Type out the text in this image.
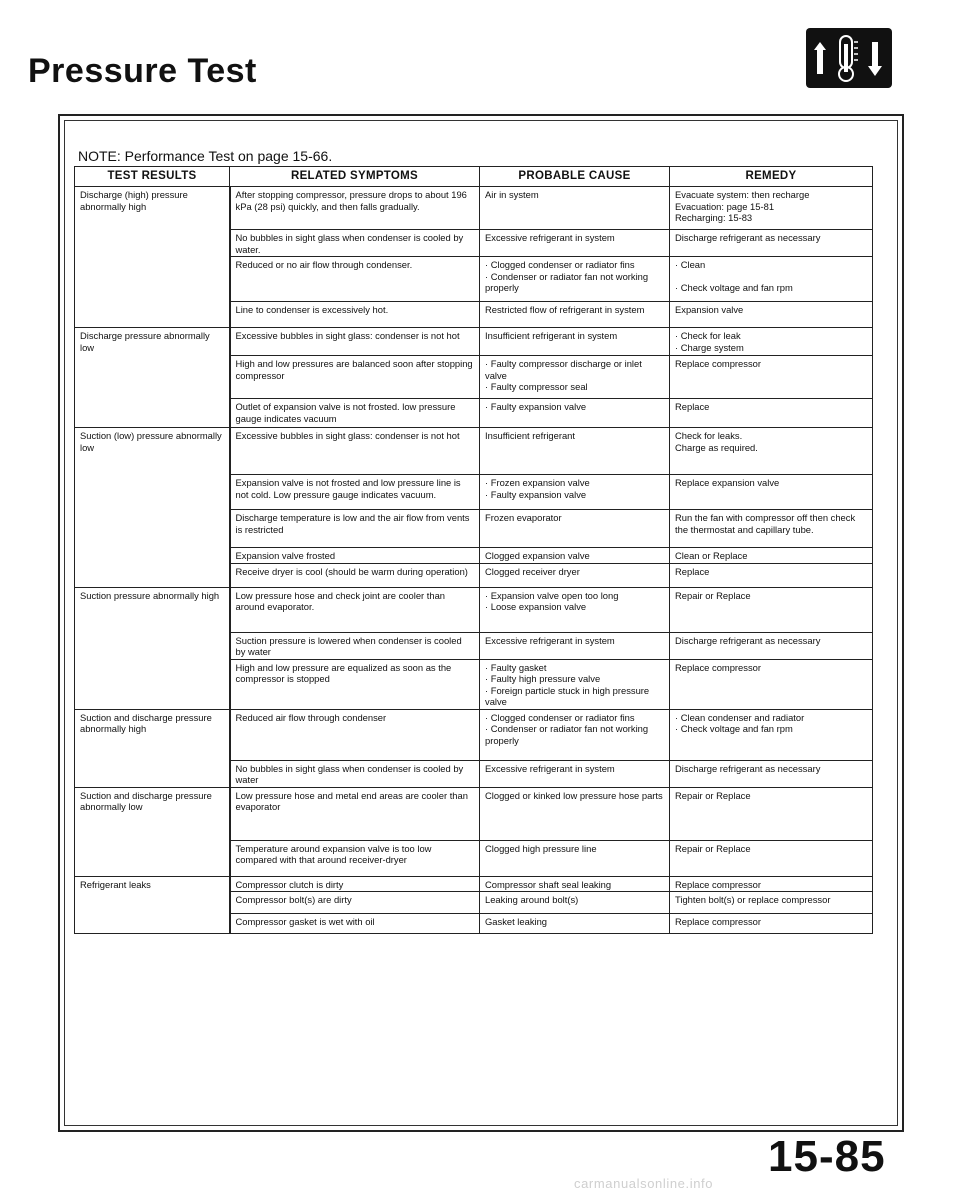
Pressure Test
NOTE: Performance Test on page 15-66.
TEST RESULTS	RELATED SYMPTOMS	PROBABLE CAUSE	REMEDY
Discharge (high) pressure abnormally high	After stopping compressor, pressure drops to about 196 kPa (28 psi) quickly, and then falls gradually.	Air in system	Evacuate system: then recharge
Evacuation: page 15-81
Recharging: 15-83

	No bubbles in sight glass when condenser is cooled by water.	Excessive refrigerant in system	Discharge refrigerant as necessary

	Reduced or no air flow through condenser.	· Clogged condenser or radiator fins
· Condenser or radiator fan not working properly	· Clean

· Check voltage and fan rpm

	Line to condenser is excessively hot.	Restricted flow of refrigerant in system	Expansion valve

Discharge pressure abnormally low	Excessive bubbles in sight glass: condenser is not hot	Insufficient refrigerant in system	· Check for leak
· Charge system

	High and low pressures are balanced soon after stopping compressor	· Faulty compressor discharge or inlet valve
· Faulty compressor seal	Replace compressor

	Outlet of expansion valve is not frosted. low pressure gauge indicates vacuum	· Faulty expansion valve	Replace

Suction (low) pressure abnormally low	Excessive bubbles in sight glass: condenser is not hot	Insufficient refrigerant	Check for leaks.
Charge as required.

	Expansion valve is not frosted and low pressure line is not cold. Low pressure gauge indicates vacuum.	· Frozen expansion valve
· Faulty expansion valve	Replace expansion valve

	Discharge temperature is low and the air flow from vents is restricted	Frozen evaporator	Run the fan with compressor off then check the thermostat and capillary tube.

	Expansion valve frosted	Clogged expansion valve	Clean or Replace

	Receive dryer is cool (should be warm during operation)	Clogged receiver dryer	Replace

Suction pressure abnormally high	Low pressure hose and check joint are cooler than around evaporator.	· Expansion valve open too long
· Loose expansion valve	Repair or Replace

	Suction pressure is lowered when condenser is cooled by water	Excessive refrigerant in system	Discharge refrigerant as necessary

	High and low pressure are equalized as soon as the compressor is stopped	· Faulty gasket
· Faulty high pressure valve
· Foreign particle stuck in high pressure valve	Replace compressor

Suction and discharge pressure abnormally high	Reduced air flow through condenser	· Clogged condenser or radiator fins
· Condenser or radiator fan not working properly	· Clean condenser and radiator
· Check voltage and fan rpm

	No bubbles in sight glass when condenser is cooled by water	Excessive refrigerant in system	Discharge refrigerant as necessary

Suction and discharge pressure abnormally low	Low pressure hose and metal end areas are cooler than evaporator	Clogged or kinked low pressure hose parts	Repair or Replace

	Temperature around expansion valve is too low compared with that around receiver-dryer	Clogged high pressure line	Repair or Replace

Refrigerant leaks	Compressor clutch is dirty	Compressor shaft seal leaking	Replace compressor

	Compressor bolt(s) are dirty	Leaking around bolt(s)	Tighten bolt(s) or replace compressor

	Compressor gasket is wet with oil	Gasket leaking	Replace compressor
15-85
carmanualsonline.info
